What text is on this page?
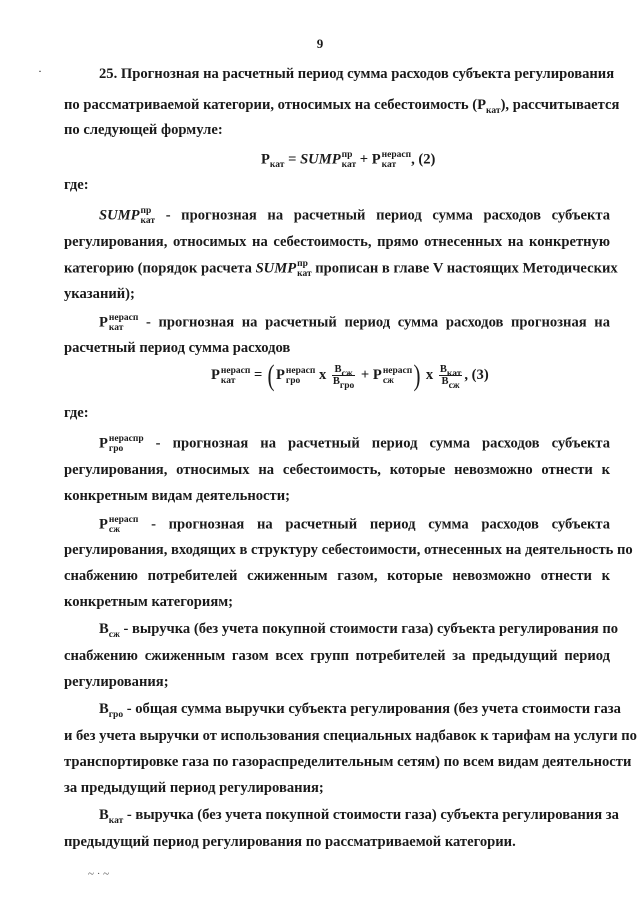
9
·	25. Прогнозная на расчетный период сумма расходов субъекта регулирования
по рассматриваемой категории, относимых на себестоимость $(Р_{кат})$, рассчитывается
по следующей формуле:
$Р_{кат}$ = SUMP пр
кат + Р нерасп
кат	, (2)
где:
SUMP пр
кат - прогнозная на расчетный период сумма расходов субъекта
регулирования, относимых на себестоимость, прямо отнесенных на конкретную
категорию (порядок расчета SUMP пр
кат прописан в главе V настоящих Методических
указаний);
Р нерасп
кат	- прогнозная на расчетный период сумма расходов прогнозная на
расчетный период сумма расходов
Р нерасп
кат	= ( Р нерасп
гро	х $\frac{В_{сж}}{В_{гро}} + Р$ нерасп
сж ) х $\frac{В_{кат}}{В_{сж}}$ , (3)
где:
Р нераспр
гро	- прогнозная на расчетный период сумма расходов субъекта
регулирования, относимых на себестоимость, которые невозможно отнести к
конкретным видам деятельности;
Р нерасп
сж	- прогнозная на расчетный период сумма расходов субъекта
регулирования, входящих в структуру себестоимости, отнесенных на деятельность по
снабжению потребителей сжиженным газом, которые невозможно отнести к
конкретным категориям;
$В_{сж}$ - выручка (без учета покупной стоимости газа) субъекта регулирования по
снабжению сжиженным газом всех групп потребителей за предыдущий период
регулирования;
$В_{гро}$ - общая сумма выручки субъекта регулирования (без учета стоимости газа
и без учета выручки от использования специальных надбавок к тарифам на услуги по
транспортировке газа по газораспределительным сетям) по всем видам деятельности
за предыдущий период регулирования;
$В_{кат}$ - выручка (без учета покупной стоимости газа) субъекта регулирования за
предыдущий период регулирования по рассматриваемой категории.
~ · ~
